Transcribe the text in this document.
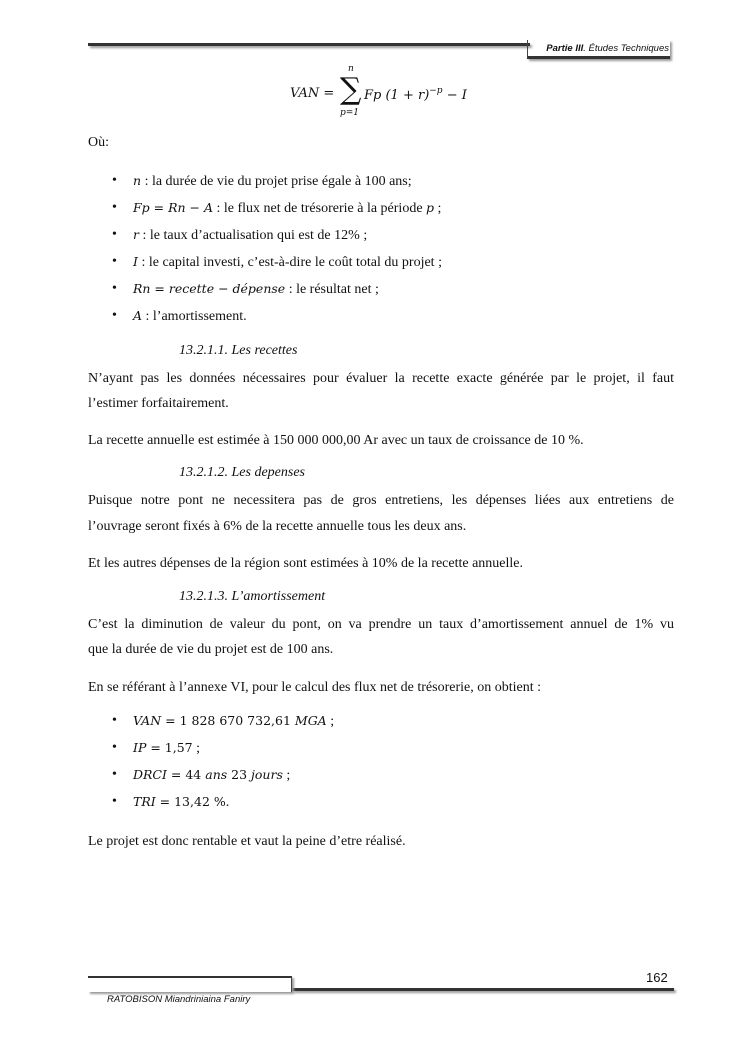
Partie III. Études Techniques
VAN =
n
∑
p=1
Fp $(1 + r)^{-p} - I$
Où:
• n : la durée de vie du projet prise égale à 100 ans;
• Fp = Rn − A : le flux net de trésorerie à la période p ;
• r : le taux d’actualisation qui est de 12% ;
• I : le capital investi, c’est-à-dire le coût total du projet ;
• Rn = recette − dépense : le résultat net ;
• A : l’amortissement.
13.2.1.1. Les recettes
N’ayant pas les données nécessaires pour évaluer la recette exacte générée par le projet, il faut
l’estimer forfaitairement.
La recette annuelle est estimée à 150 000 000,00 Ar avec un taux de croissance de 10 %.
13.2.1.2. Les depenses
Puisque notre pont ne necessitera pas de gros entretiens, les dépenses liées aux entretiens de
l’ouvrage seront fixés à 6% de la recette annuelle tous les deux ans.
Et les autres dépenses de la région sont estimées à 10% de la recette annuelle.
13.2.1.3. L’amortissement
C’est la diminution de valeur du pont, on va prendre un taux d’amortissement annuel de 1% vu
que la durée de vie du projet est de 100 ans.
En se référant à l’annexe VI, pour le calcul des flux net de trésorerie, on obtient :
• VAN = 1 828 670 732,61 MGA ;
• IP = 1,57 ;
• DRCI = 44 ans 23 jours ;
• TRI = 13,42 %.
Le projet est donc rentable et vaut la peine d’etre réalisé.
162
RATOBISON Miandriniaina Faniry
